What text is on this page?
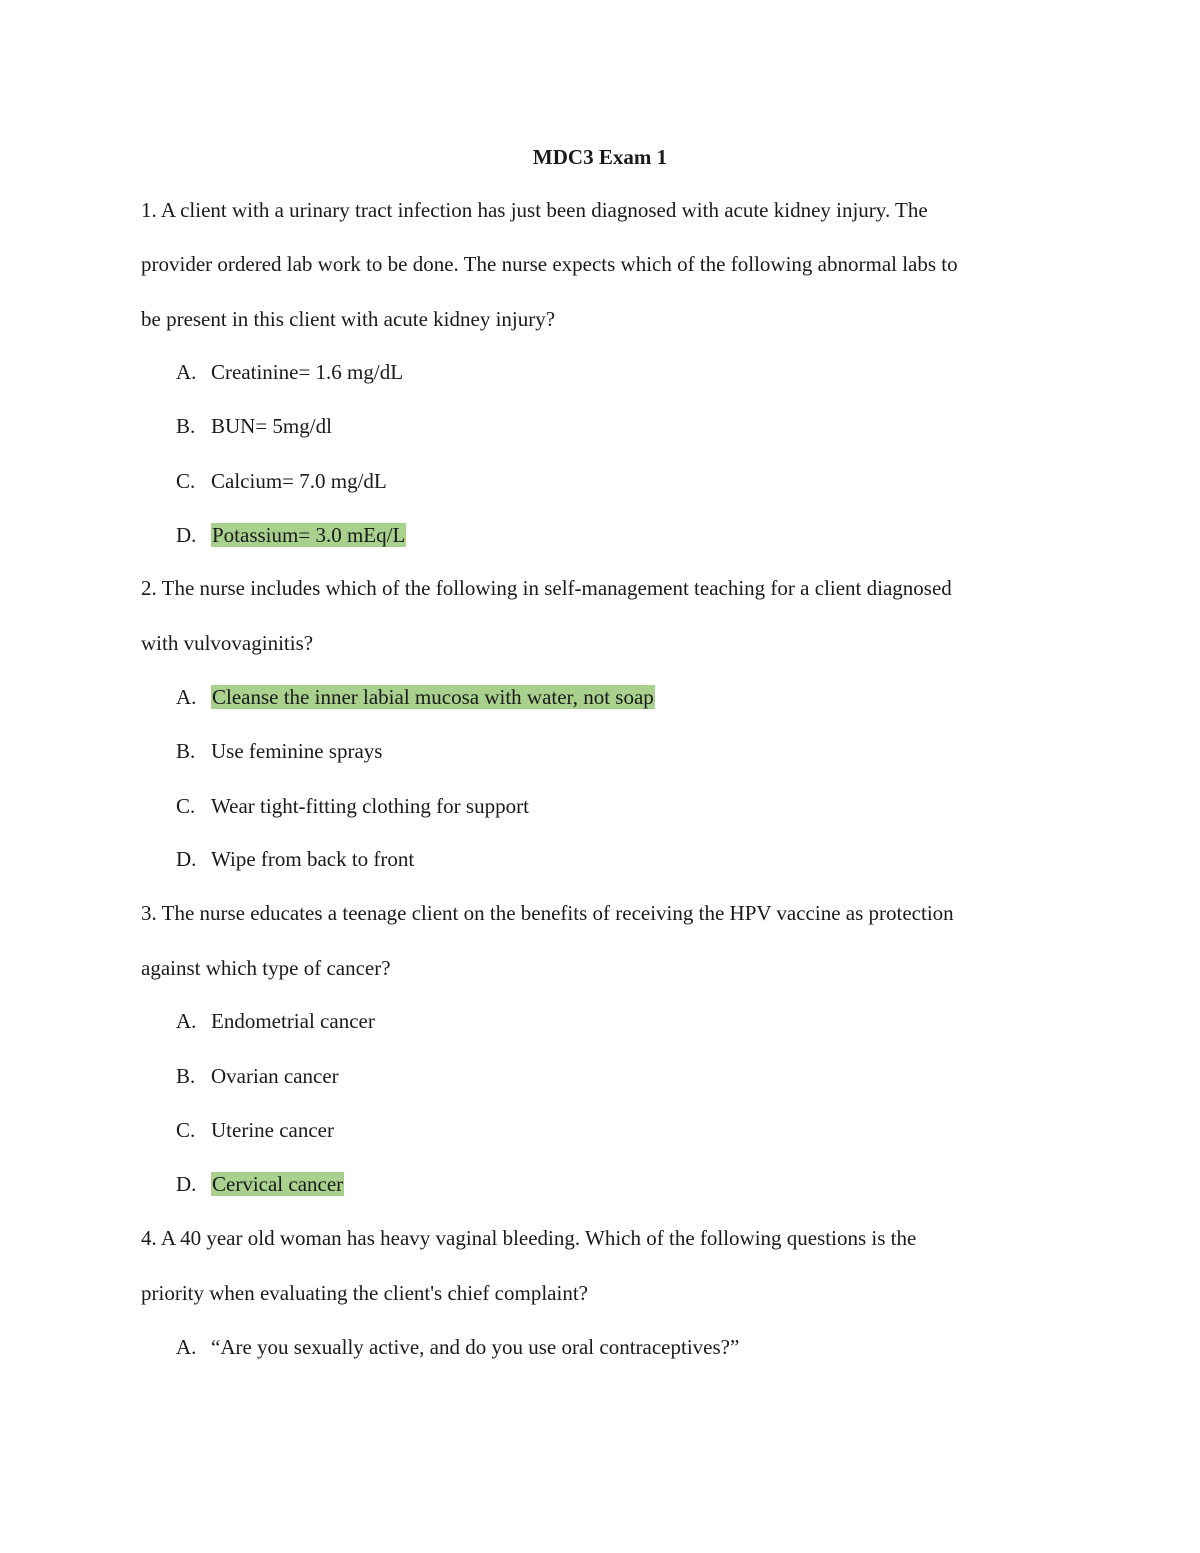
MDC3 Exam 1
1. A client with a urinary tract infection has just been diagnosed with acute kidney injury. The
provider ordered lab work to be done. The nurse expects which of the following abnormal labs to
be present in this client with acute kidney injury?
A. Creatinine= 1.6 mg/dL
B. BUN= 5mg/dl
C. Calcium= 7.0 mg/dL
D. Potassium= 3.0 mEq/L
2. The nurse includes which of the following in self-management teaching for a client diagnosed
with vulvovaginitis?
A. Cleanse the inner labial mucosa with water, not soap
B. Use feminine sprays
C. Wear tight-fitting clothing for support
D. Wipe from back to front
3. The nurse educates a teenage client on the benefits of receiving the HPV vaccine as protection
against which type of cancer?
A. Endometrial cancer
B. Ovarian cancer
C. Uterine cancer
D. Cervical cancer
4. A 40 year old woman has heavy vaginal bleeding. Which of the following questions is the
priority when evaluating the client's chief complaint?
A. “Are you sexually active, and do you use oral contraceptives?”
